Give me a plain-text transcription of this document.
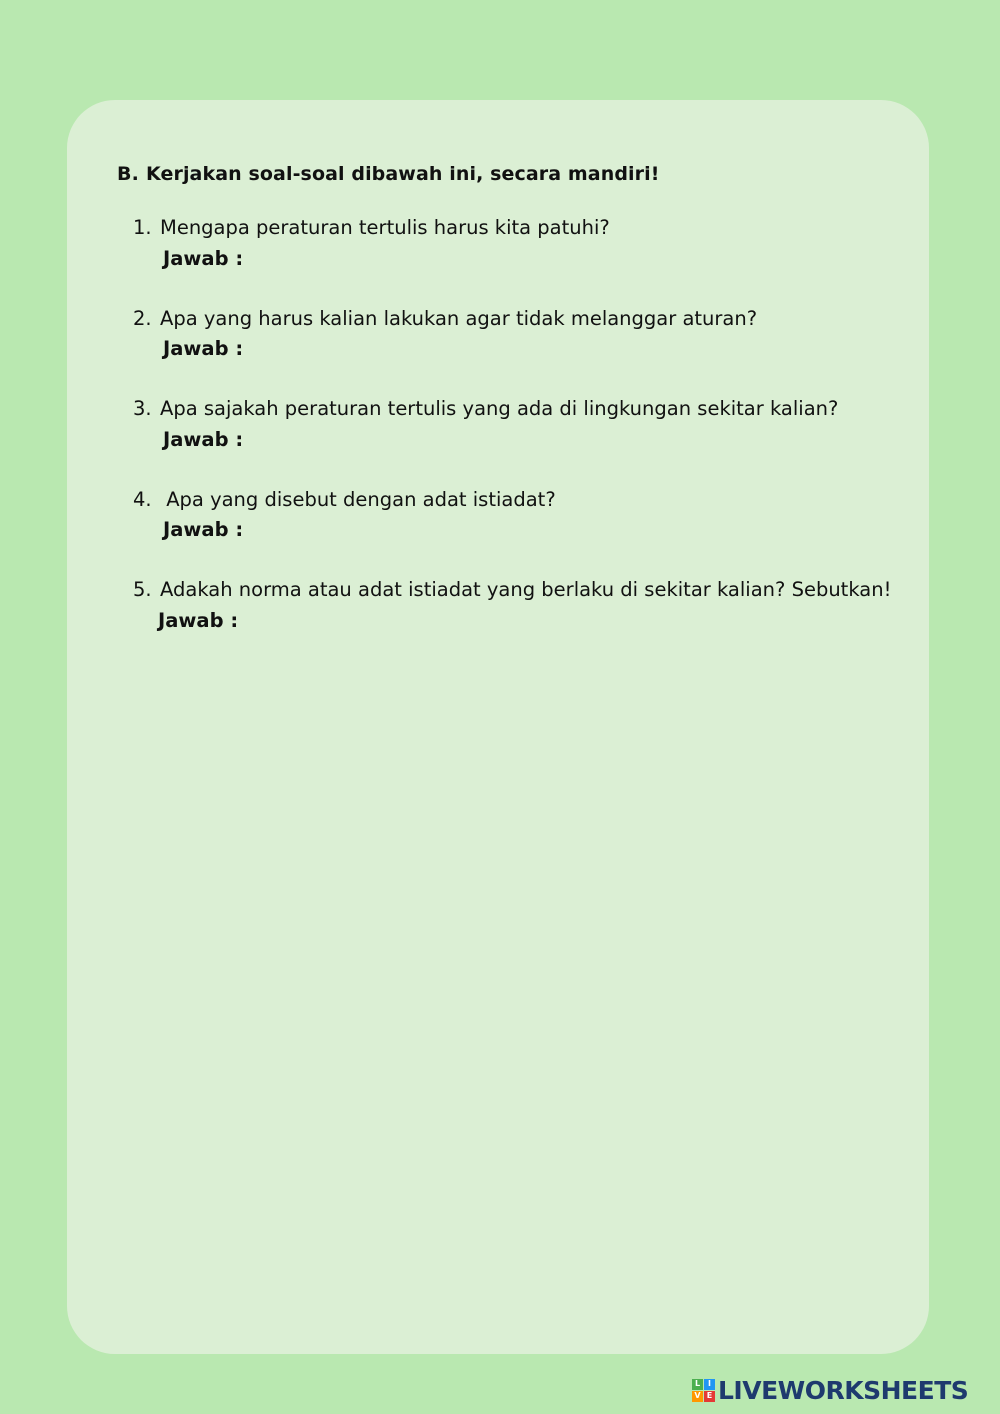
B. Kerjakan soal-soal dibawah ini, secara mandiri!
1. Mengapa peraturan tertulis harus kita patuhi?
Jawab :
2. Apa yang harus kalian lakukan agar tidak melanggar aturan?
Jawab :
3. Apa sajakah peraturan tertulis yang ada di lingkungan sekitar kalian?
Jawab :
4. Apa yang disebut dengan adat istiadat?
Jawab :
5. Adakah norma atau adat istiadat yang berlaku di sekitar kalian? Sebutkan!
Jawab :
L I
V E LIVEWORKSHEETS
